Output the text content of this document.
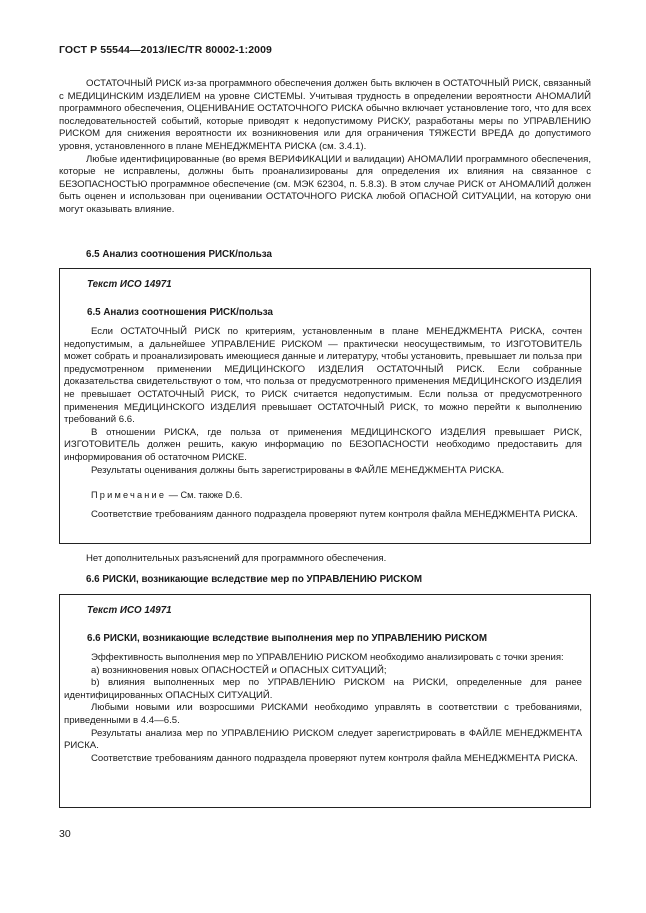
ГОСТ Р 55544—2013/IEC/TR 80002-1:2009

ОСТАТОЧНЫЙ РИСК из-за программного обеспечения должен быть включен в ОСТАТОЧНЫЙ РИСК, связанный с МЕДИЦИНСКИМ ИЗДЕЛИЕМ на уровне СИСТЕМЫ. Учитывая трудность в определении вероятности АНОМАЛИЙ программного обеспечения, ОЦЕНИВАНИЕ ОСТАТОЧНОГО РИСКА обычно включает установление того, что для всех последовательностей событий, которые приводят к недопустимому РИСКУ, разработаны меры по УПРАВЛЕНИЮ РИСКОМ для снижения вероятности их возникновения или для ограничения ТЯЖЕСТИ ВРЕДА до допустимого уровня, установленного в плане МЕНЕДЖМЕНТА РИСКА (см. 3.4.1).

Любые идентифицированные (во время ВЕРИФИКАЦИИ и валидации) АНОМАЛИИ программного обеспечения, которые не исправлены, должны быть проанализированы для определения их влияния на связанное с БЕЗОПАСНОСТЬЮ программное обеспечение (см. МЭК 62304, п. 5.8.3). В этом случае РИСК от АНОМАЛИЙ должен быть оценен и использован при оценивании ОСТАТОЧНОГО РИСКА любой ОПАСНОЙ СИТУАЦИИ, на которую они могут оказывать влияние.

6.5 Анализ соотношения РИСК/польза
Текст ИСО 14971
6.5 Анализ соотношения РИСК/польза

Если ОСТАТОЧНЫЙ РИСК по критериям, установленным в плане МЕНЕДЖМЕНТА РИСКА, сочтен недопустимым, а дальнейшее УПРАВЛЕНИЕ РИСКОМ — практически неосуществимым, то ИЗГОТОВИТЕЛЬ может собрать и проанализировать имеющиеся данные и литературу, чтобы установить, превышает ли польза при предусмотренном применении МЕДИЦИНСКОГО ИЗДЕЛИЯ ОСТАТОЧНЫЙ РИСК. Если собранные доказательства свидетельствуют о том, что польза от предусмотренного применения МЕДИЦИНСКОГО ИЗДЕЛИЯ не превышает ОСТАТОЧНЫЙ РИСК, то РИСК считается недопустимым. Если польза от предусмотренного применения МЕДИЦИНСКОГО ИЗДЕЛИЯ превышает ОСТАТОЧНЫЙ РИСК, то можно перейти к выполнению требований 6.6.

В отношении РИСКА, где польза от применения МЕДИЦИНСКОГО ИЗДЕЛИЯ превышает РИСК, ИЗГОТОВИТЕЛЬ должен решить, какую информацию по БЕЗОПАСНОСТИ необходимо предоставить для информирования об остаточном РИСКЕ.

Результаты оценивания должны быть зарегистрированы в ФАЙЛЕ МЕНЕДЖМЕНТА РИСКА.

Примечание — См. также D.6.

Соответствие требованиям данного подраздела проверяют путем контроля файла МЕНЕДЖМЕНТА РИСКА.

Нет дополнительных разъяснений для программного обеспечения.
6.6 РИСКИ, возникающие вследствие мер по УПРАВЛЕНИЮ РИСКОМ
Текст ИСО 14971
6.6 РИСКИ, возникающие вследствие выполнения мер по УПРАВЛЕНИЮ РИСКОМ

Эффективность выполнения мер по УПРАВЛЕНИЮ РИСКОМ необходимо анализировать с точки зрения:

a) возникновения новых ОПАСНОСТЕЙ и ОПАСНЫХ СИТУАЦИЙ;

b) влияния выполненных мер по УПРАВЛЕНИЮ РИСКОМ на РИСКИ, определенные для ранее идентифицированных ОПАСНЫХ СИТУАЦИЙ.

Любыми новыми или возросшими РИСКАМИ необходимо управлять в соответствии с требованиями, приведенными в 4.4—6.5.

Результаты анализа мер по УПРАВЛЕНИЮ РИСКОМ следует зарегистрировать в ФАЙЛЕ МЕНЕДЖМЕНТА РИСКА.

Соответствие требованиям данного подраздела проверяют путем контроля файла МЕНЕДЖМЕНТА РИСКА.

30
